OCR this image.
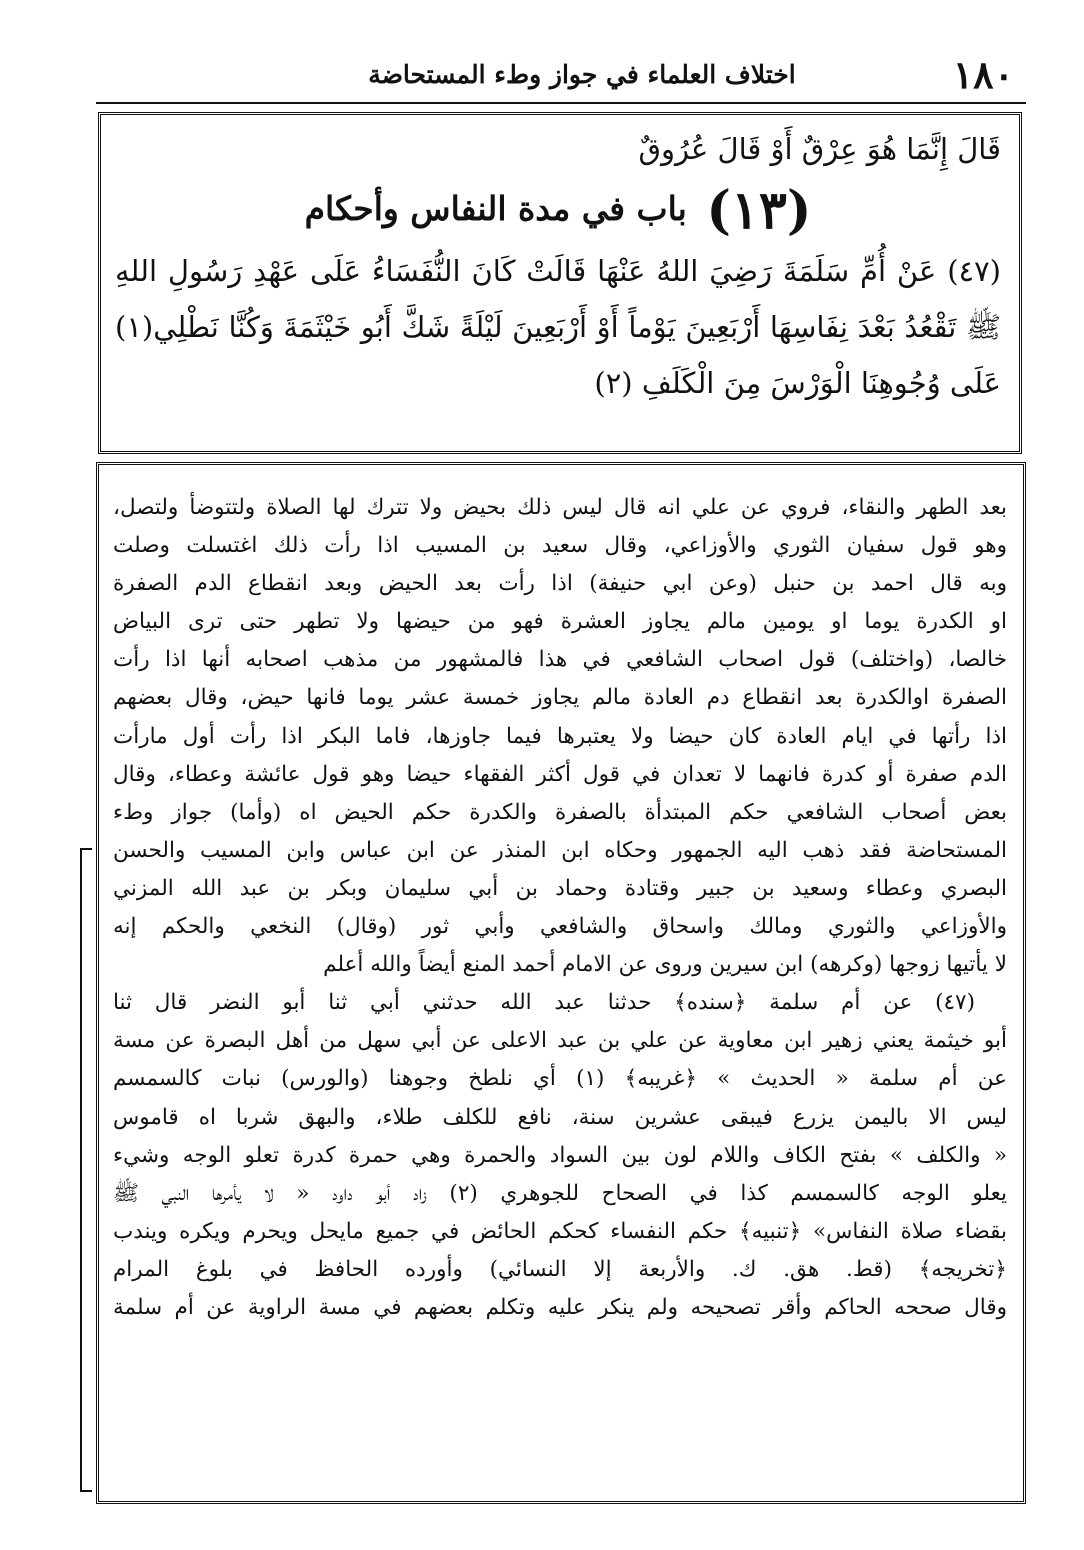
١٨٠
اختلاف العلماء في جواز وطء المستحاضة
قَالَ إِنَّمَا هُوَ عِرْقٌ أَوْ قَالَ عُرُوقٌ
(١٣) باب في مدة النفاس وأحكام
(٤٧) عَنْ أُمِّ سَلَمَةَ رَضِيَ اللهُ عَنْهَا قَالَتْ كَانَ النُّفَسَاءُ عَلَى عَهْدِ رَسُولِ اللهِ
ﷺ تَقْعُدُ بَعْدَ نِفَاسِهَا أَرْبَعِينَ يَوْماً أَوْ أَرْبَعِينَ لَيْلَةً شَكَّ أَبُو خَيْثَمَةَ وَكُنَّا نَطْلِي(١)
عَلَى وُجُوهِنَا الْوَرْسَ مِنَ الْكَلَفِ (٢)
بعد الطهر والنقاء، فروي عن علي انه قال ليس ذلك بحيض ولا تترك لها الصلاة ولتتوضأ ولتصل،
وهو قول سفيان الثوري والأوزاعي، وقال سعيد بن المسيب اذا رأت ذلك اغتسلت وصلت
وبه قال احمد بن حنبل (وعن ابي حنيفة) اذا رأت بعد الحيض وبعد انقطاع الدم الصفرة
او الكدرة يوما او يومين مالم يجاوز العشرة فهو من حيضها ولا تطهر حتى ترى البياض
خالصا، (واختلف) قول اصحاب الشافعي في هذا فالمشهور من مذهب اصحابه أنها اذا رأت
الصفرة اوالكدرة بعد انقطاع دم العادة مالم يجاوز خمسة عشر يوما فانها حيض، وقال بعضهم
اذا رأتها في ايام العادة كان حيضا ولا يعتبرها فيما جاوزها، فاما البكر اذا رأت أول مارأت
الدم صفرة أو كدرة فانهما لا تعدان في قول أكثر الفقهاء حيضا وهو قول عائشة وعطاء، وقال
بعض أصحاب الشافعي حكم المبتدأة بالصفرة والكدرة حكم الحيض اه (وأما) جواز وطء
المستحاضة فقد ذهب اليه الجمهور وحكاه ابن المنذر عن ابن عباس وابن المسيب والحسن
البصري وعطاء وسعيد بن جبير وقتادة وحماد بن أبي سليمان وبكر بن عبد الله المزني
والأوزاعي والثوري ومالك واسحاق والشافعي وأبي ثور (وقال) النخعي والحكم إنه
لا يأتيها زوجها (وكرهه) ابن سيرين وروى عن الامام أحمد المنع أيضاً والله أعلم
(٤٧) عن أم سلمة ﴿سنده﴾ حدثنا عبد الله حدثني أبي ثنا أبو النضر قال ثنا
أبو خيثمة يعني زهير ابن معاوية عن علي بن عبد الاعلى عن أبي سهل من أهل البصرة عن مسة
عن أم سلمة « الحديث » ﴿غريبه﴾ (١) أي نلطخ وجوهنا (والورس) نبات كالسمسم
ليس الا باليمن يزرع فيبقى عشرين سنة، نافع للكلف طلاء، والبهق شربا اه قاموس
« والكلف » بفتح الكاف واللام لون بين السواد والحمرة وهي حمرة كدرة تعلو الوجه وشيء
يعلو الوجه كالسمسم كذا في الصحاح للجوهري (٢) زاد أبو داود « لا يأمرها النبي ﷺ
بقضاء صلاة النفاس» ﴿تنبيه﴾ حكم النفساء كحكم الحائض في جميع مايحل ويحرم ويكره ويندب
﴿تخريجه﴾ (قط. هق. ك. والأربعة إلا النسائي) وأورده الحافظ في بلوغ المرام
وقال صححه الحاكم وأقر تصحيحه ولم ينكر عليه وتكلم بعضهم في مسة الراوية عن أم سلمة
